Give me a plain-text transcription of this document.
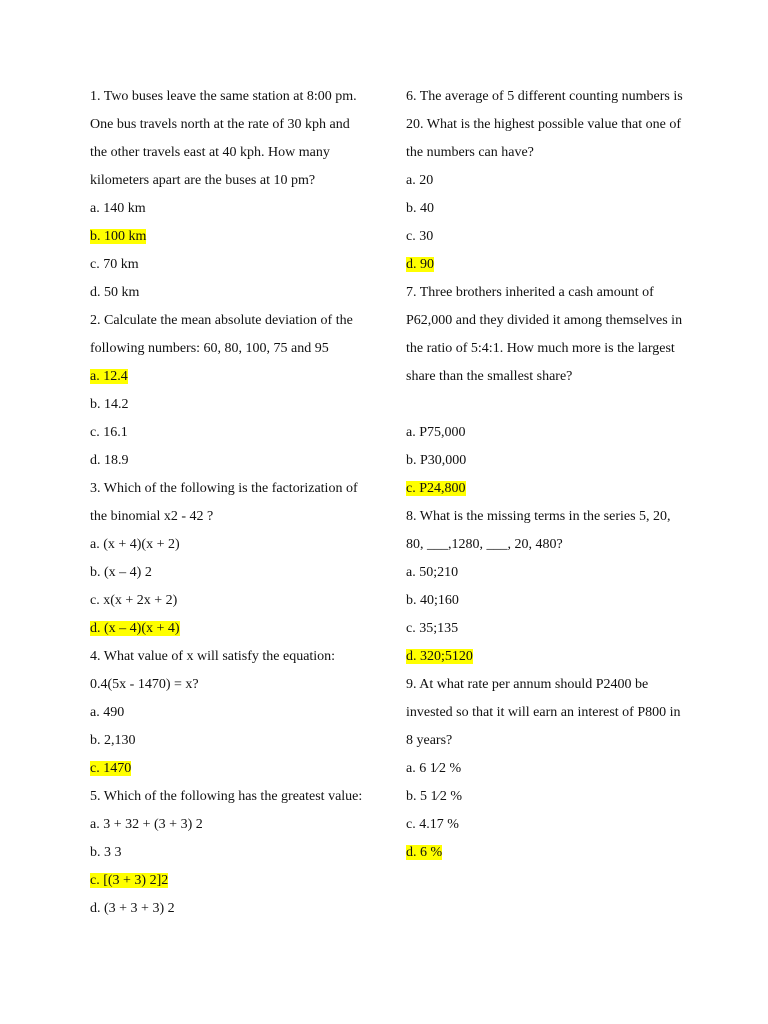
1. Two buses leave the same station at 8:00 pm.
One bus travels north at the rate of 30 kph and
the other travels east at 40 kph. How many
kilometers apart are the buses at 10 pm?
a. 140 km
b. 100 km
c. 70 km
d. 50 km
2. Calculate the mean absolute deviation of the
following numbers: 60, 80, 100, 75 and 95
a. 12.4
b. 14.2
c. 16.1
d. 18.9
3. Which of the following is the factorization of
the binomial x2 - 42 ?
a. (x + 4)(x + 2)
b. (x – 4) 2
c. x(x + 2x + 2)
d. (x – 4)(x + 4)
4. What value of x will satisfy the equation:
0.4(5x - 1470) = x?
a. 490
b. 2,130
c. 1470
5. Which of the following has the greatest value:
a. 3 + 32 + (3 + 3) 2
b. 3 3
c. [(3 + 3) 2]2
d. (3 + 3 + 3) 2
6. The average of 5 different counting numbers is
20. What is the highest possible value that one of
the numbers can have?
a. 20
b. 40
c. 30
d. 90
7. Three brothers inherited a cash amount of
P62,000 and they divided it among themselves in
the ratio of 5:4:1. How much more is the largest
share than the smallest share?
a. P75,000
b. P30,000
c. P24,800
8. What is the missing terms in the series 5, 20,
80, ___,1280, ___, 20, 480?
a. 50;210
b. 40;160
c. 35;135
d. 320;5120
9. At what rate per annum should P2400 be
invested so that it will earn an interest of P800 in
8 years?
a. 6 1⁄2 %
b. 5 1⁄2 %
c. 4.17 %
d. 6 %
